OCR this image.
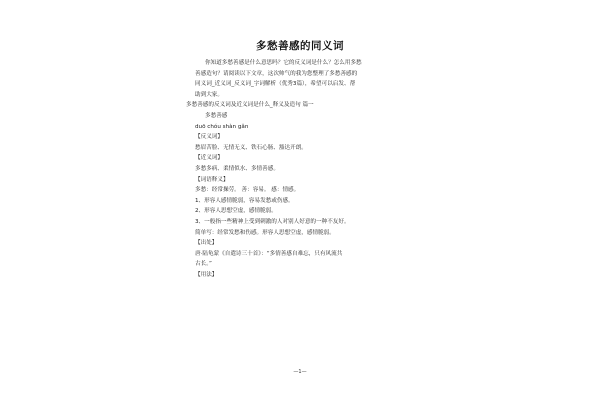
多愁善感的同义词
你知道多愁善感是什么意思吗？它的反义词是什么？怎么用多愁
善感造句？请阅读以下文章，这次帅气的我为您整理了多愁善感的
同义词_近义词_反义词_字词解析（优秀3篇），希望可以启发、帮
助到大家。
多愁善感的反义词及近义词是什么_释义及造句 篇一
多愁善感
duō chóu shàn gǎn
【反义词】
愁眉苦脸、无情无义、铁石心肠、豁达开朗。
【近义词】
多愁多病、柔情似水、多情善感。
【词语释义】
多愁：经常操劳。 善：容易。 感：情感。
1、形容人感情脆弱，容易发愁或伤感。
2、形容人思想空虚，感情脆弱。
3、一般指一些精神上受到刺激的人对别人好意的一种不友好。
简单写：经常发愁和伤感。形容人思想空虚，感情脆弱。
【出处】
唐·陆龟蒙《自遣诗三十首》：“多情善感自难忘，只有风流共
古长。”
【用法】
—1—
